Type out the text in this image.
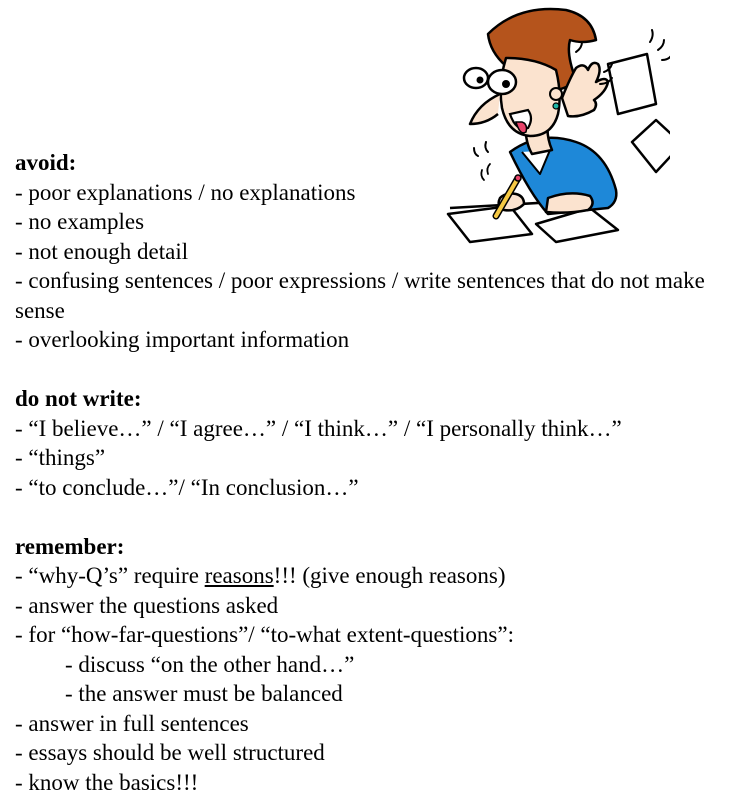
avoid:
- poor explanations / no explanations
- no examples
- not enough detail
- confusing sentences / poor expressions / write sentences that do not make sense
- overlooking important information
do not write:
- “I believe…” / “I agree…” / “I think…” / “I personally think…”
- “things”
- “to conclude…”/ “In conclusion…”
remember:
- “why-Q’s” require reasons!!! (give enough reasons)
- answer the questions asked
- for “how-far-questions”/ “to-what extent-questions”:
- discuss “on the other hand…”
- the answer must be balanced
- answer in full sentences
- essays should be well structured
- know the basics!!!
